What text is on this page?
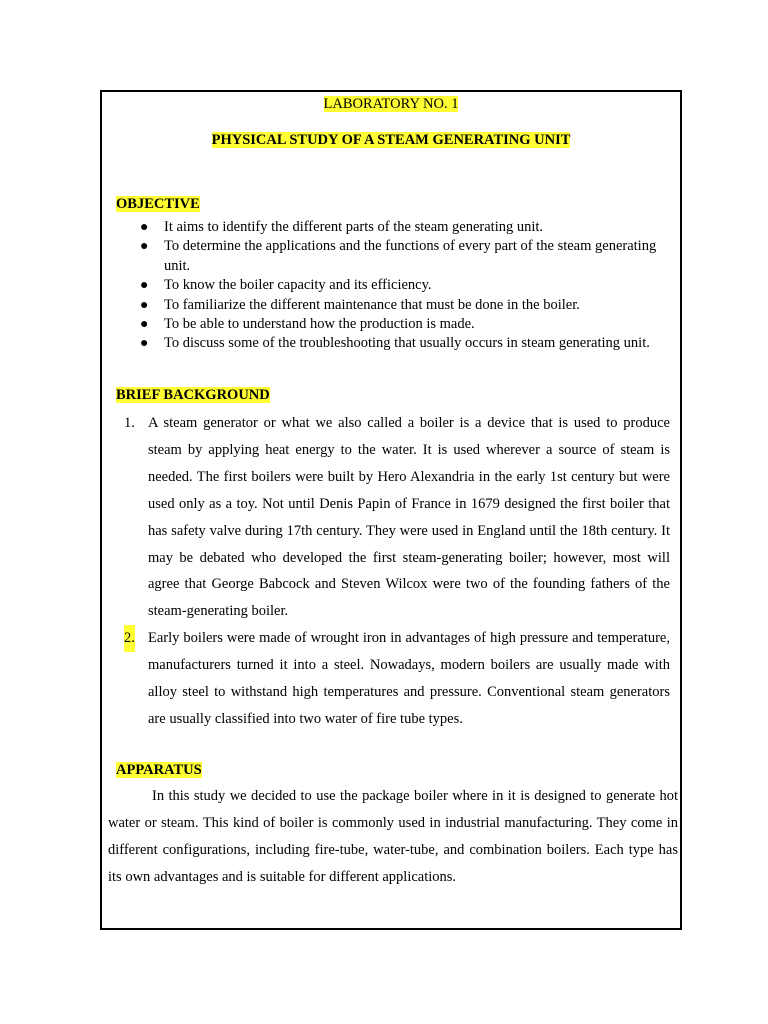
LABORATORY NO. 1
PHYSICAL STUDY OF A STEAM GENERATING UNIT
OBJECTIVE
● It aims to identify the different parts of the steam generating unit.
● To determine the applications and the functions of every part of the steam generating unit.
● To know the boiler capacity and its efficiency.
● To familiarize the different maintenance that must be done in the boiler.
● To be able to understand how the production is made.
● To discuss some of the troubleshooting that usually occurs in steam generating unit.
BRIEF BACKGROUND
1. A steam generator or what we also called a boiler is a device that is used to produce steam by applying heat energy to the water. It is used wherever a source of steam is needed. The first boilers were built by Hero Alexandria in the early 1st century but were used only as a toy. Not until Denis Papin of France in 1679 designed the first boiler that has safety valve during 17th century. They were used in England until the 18th century. It may be debated who developed the first steam-generating boiler; however, most will agree that George Babcock and Steven Wilcox were two of the founding fathers of the steam-generating boiler.
2. Early boilers were made of wrought iron in advantages of high pressure and temperature, manufacturers turned it into a steel. Nowadays, modern boilers are usually made with alloy steel to withstand high temperatures and pressure. Conventional steam generators are usually classified into two water of fire tube types.
APPARATUS
In this study we decided to use the package boiler where in it is designed to generate hot water or steam. This kind of boiler is commonly used in industrial manufacturing. They come in different configurations, including fire-tube, water-tube, and combination boilers. Each type has its own advantages and is suitable for different applications.
